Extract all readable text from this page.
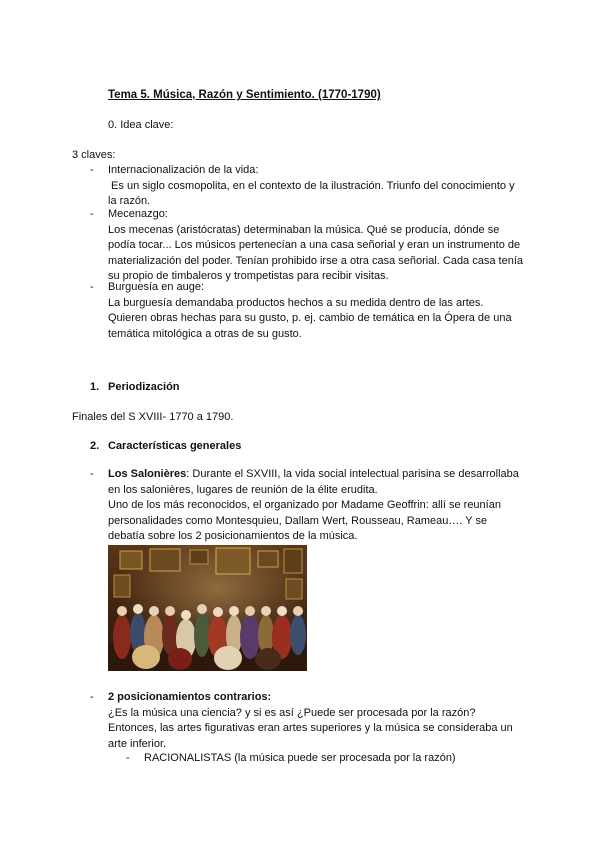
Tema 5. Música, Razón y Sentimiento. (1770-1790)
0. Idea clave:
3 claves:
-	Internacionalización de la vida:
Es un siglo cosmopolita, en el contexto de la ilustración. Triunfo del conocimiento y
la razón.
-	Mecenazgo:
Los mecenas (aristócratas) determinaban la música. Qué se producía, dónde se
podía tocar... Los músicos pertenecían a una casa señorial y eran un instrumento de
materialización del poder. Tenían prohibido irse a otra casa señorial. Cada casa tenía
su propio de timbaleros y trompetistas para recibir visitas.
-	Burguesía en auge:
La burguesía demandaba productos hechos a su medida dentro de las artes.
Quieren obras hechas para su gusto, p. ej. cambio de temática en la Ópera de una
temática mitológica a otras de su gusto.
1. Periodización
Finales del S XVIII- 1770 a 1790.
2. Características generales
-	Los Salonières: Durante el SXVIII, la vida social intelectual parisina se desarrollaba
en los salonières, lugares de reunión de la élite erudita.
Uno de los más reconocidos, el organizado por Madame Geoffrin: allí se reunían
personalidades como Montesquieu, Dallam Wert, Rousseau, Rameau…. Y se
debatía sobre los 2 posicionamientos de la música.
-	2 posicionamientos contrarios:
¿Es la música una ciencia? y si es así ¿Puede ser procesada por la razón?
Entonces, las artes figurativas eran artes superiores y la música se consideraba un
arte inferior.
- RACIONALISTAS (la música puede ser procesada por la razón)
